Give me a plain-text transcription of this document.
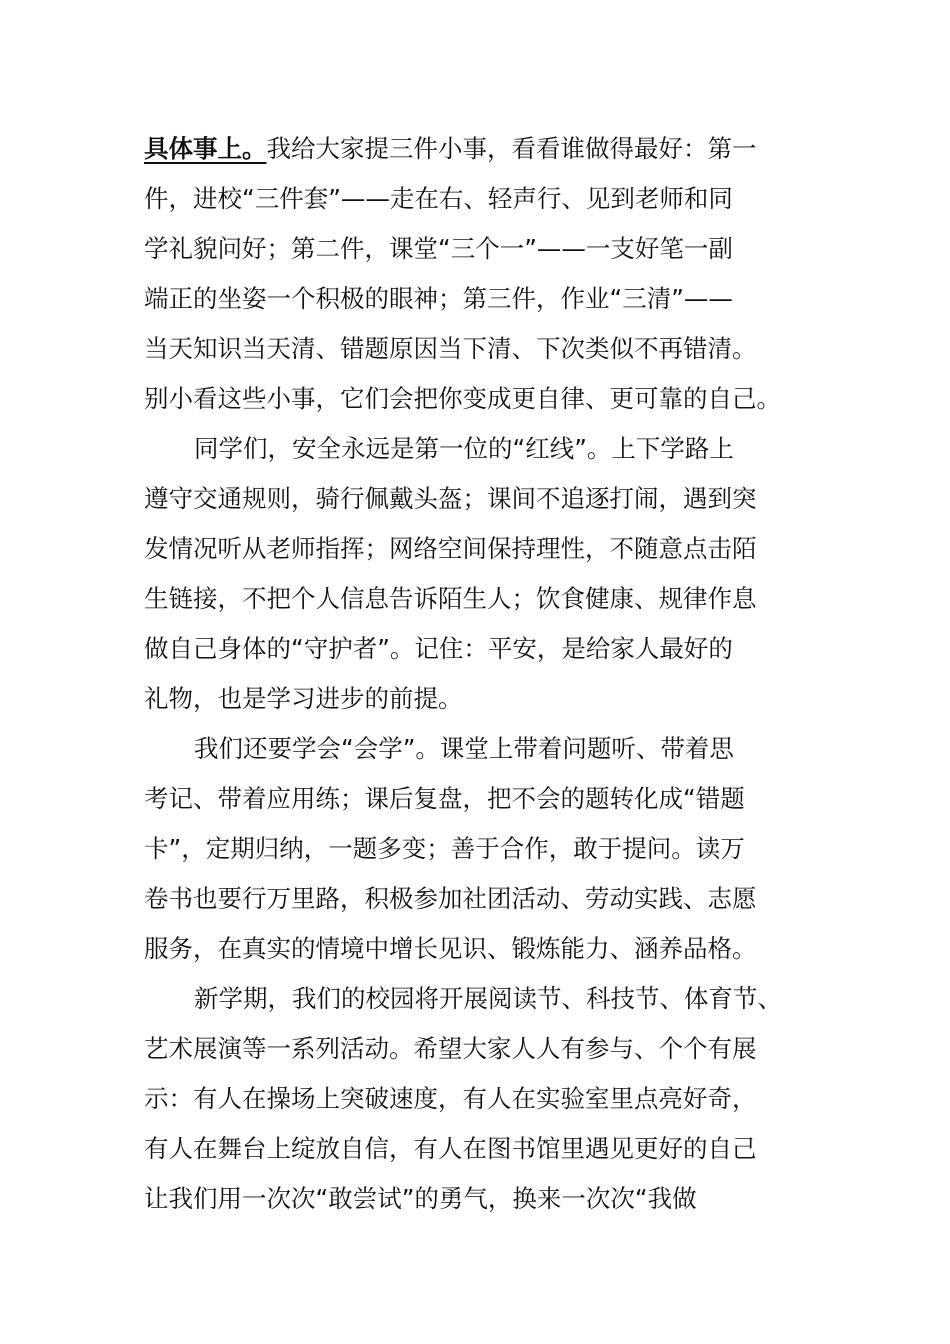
具体事上。我给大家提三件小事，看看谁做得最好：第一
件，进校“三件套”——走在右、轻声行、见到老师和同
学礼貌问好；第二件，课堂“三个一”——一支好笔一副
端正的坐姿一个积极的眼神；第三件，作业“三清”——
当天知识当天清、错题原因当下清、下次类似不再错清。
别小看这些小事，它们会把你变成更自律、更可靠的自己。
同学们，安全永远是第一位的“红线”。上下学路上
遵守交通规则，骑行佩戴头盔；课间不追逐打闹，遇到突
发情况听从老师指挥；网络空间保持理性，不随意点击陌
生链接，不把个人信息告诉陌生人；饮食健康、规律作息
做自己身体的“守护者”。记住：平安，是给家人最好的
礼物，也是学习进步的前提。
我们还要学会“会学”。课堂上带着问题听、带着思
考记、带着应用练；课后复盘，把不会的题转化成“错题
卡”，定期归纳，一题多变；善于合作，敢于提问。读万
卷书也要行万里路，积极参加社团活动、劳动实践、志愿
服务，在真实的情境中增长见识、锻炼能力、涵养品格。
新学期，我们的校园将开展阅读节、科技节、体育节、
艺术展演等一系列活动。希望大家人人有参与、个个有展
示：有人在操场上突破速度，有人在实验室里点亮好奇，
有人在舞台上绽放自信，有人在图书馆里遇见更好的自己
让我们用一次次“敢尝试”的勇气，换来一次次“我做
